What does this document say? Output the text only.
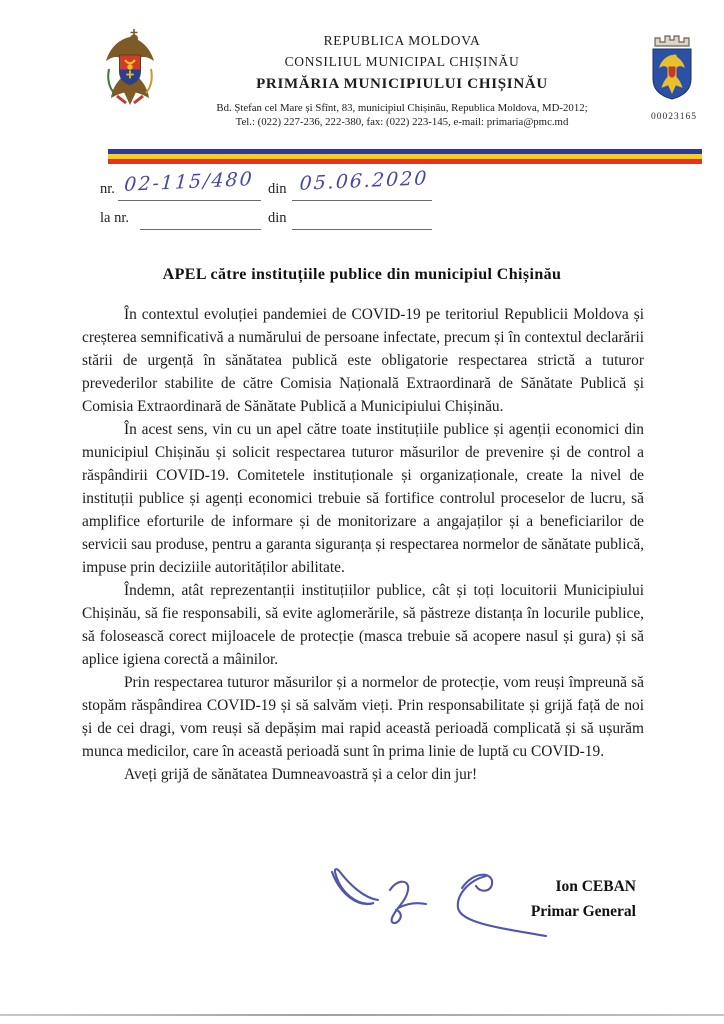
REPUBLICA MOLDOVA
CONSILIUL MUNICIPAL CHIȘINĂU
PRIMĂRIA MUNICIPIULUI CHIȘINĂU
Bd. Ștefan cel Mare și Sfînt, 83, municipiul Chișinău, Republica Moldova, MD-2012;
Tel.: (022) 227-236, 222-380, fax: (022) 223-145, e-mail: primaria@pmc.md	00023165
nr. 02-115/480 din 05.06.2020
la nr.	din
APEL către instituțiile publice din municipiul Chișinău

În contextul evoluției pandemiei de COVID-19 pe teritoriul Republicii Moldova și creșterea semnificativă a numărului de persoane infectate, precum și în contextul declarării stării de urgență în sănătatea publică este obligatorie respectarea strictă a tuturor prevederilor stabilite de către Comisia Națională Extraordinară de Sănătate Publică și Comisia Extraordinară de Sănătate Publică a Municipiului Chișinău.

În acest sens, vin cu un apel către toate instituțiile publice și agenții economici din municipiul Chișinău și solicit respectarea tuturor măsurilor de prevenire și de control a răspândirii COVID-19. Comitetele instituționale și organizaționale, create la nivel de instituții publice și agenți economici trebuie să fortifice controlul proceselor de lucru, să amplifice eforturile de informare și de monitorizare a angajaților și a beneficiarilor de servicii sau produse, pentru a garanta siguranța și respectarea normelor de sănătate publică, impuse prin deciziile autorităților abilitate.

Îndemn, atât reprezentanții instituțiilor publice, cât și toți locuitorii Municipiului Chișinău, să fie responsabili, să evite aglomerările, să păstreze distanța în locurile publice, să folosească corect mijloacele de protecție (masca trebuie să acopere nasul și gura) și să aplice igiena corectă a mâinilor.

Prin respectarea tuturor măsurilor și a normelor de protecție, vom reuși împreună să stopăm răspândirea COVID-19 și să salvăm vieți. Prin responsabilitate și grijă față de noi și de cei dragi, vom reuși să depășim mai rapid această perioadă complicată și să ușurăm munca medicilor, care în această perioadă sunt în prima linie de luptă cu COVID-19.

Aveți grijă de sănătatea Dumneavoastră și a celor din jur!

Ion CEBAN
Primar General
